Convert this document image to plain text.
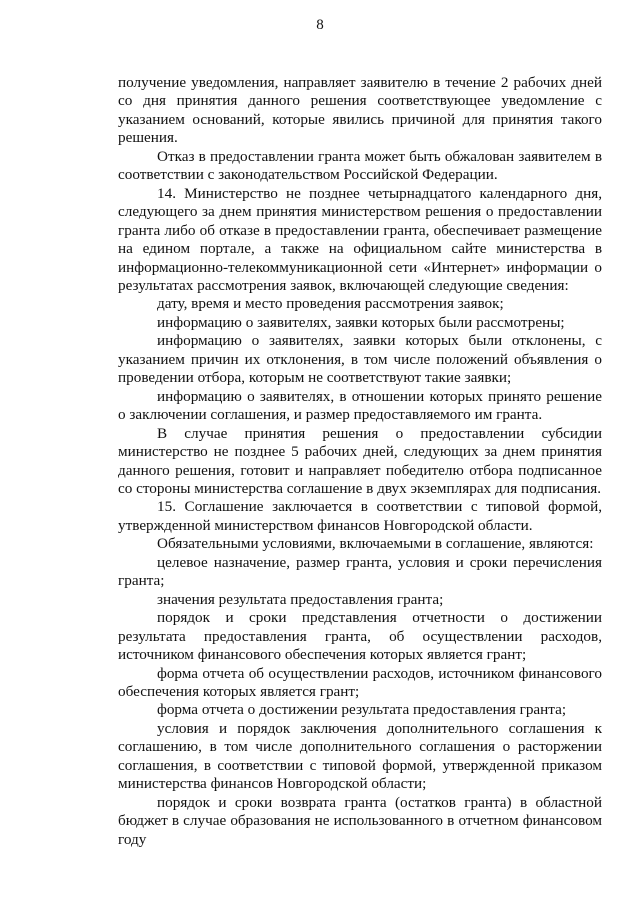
8

получение уведомления, направляет заявителю в течение 2 рабочих дней со дня принятия данного решения соответствующее уведомление с указанием оснований, которые явились причиной для принятия такого решения.

Отказ в предоставлении гранта может быть обжалован заявителем в соответствии с законодательством Российской Федерации.

14. Министерство не позднее четырнадцатого календарного дня, следующего за днем принятия министерством решения о предоставлении гранта либо об отказе в предоставлении гранта, обеспечивает размещение на едином портале, а также на официальном сайте министерства в информационно-телекоммуникационной сети «Интернет» информации о результатах рассмотрения заявок, включающей следующие сведения:

дату, время и место проведения рассмотрения заявок;

информацию о заявителях, заявки которых были рассмотрены;

информацию о заявителях, заявки которых были отклонены, с указанием причин их отклонения, в том числе положений объявления о проведении отбора, которым не соответствуют такие заявки;

информацию о заявителях, в отношении которых принято решение о заключении соглашения, и размер предоставляемого им гранта.

В случае принятия решения о предоставлении субсидии министерство не позднее 5 рабочих дней, следующих за днем принятия данного решения, готовит и направляет победителю отбора подписанное со стороны министерства соглашение в двух экземплярах для подписания.

15. Соглашение заключается в соответствии с типовой формой, утвержденной министерством финансов Новгородской области.

Обязательными условиями, включаемыми в соглашение, являются:

целевое назначение, размер гранта, условия и сроки перечисления гранта;

значения результата предоставления гранта;

порядок и сроки представления отчетности о достижении результата предоставления гранта, об осуществлении расходов, источником финансового обеспечения которых является грант;

форма отчета об осуществлении расходов, источником финансового обеспечения которых является грант;

форма отчета о достижении результата предоставления гранта;

условия и порядок заключения дополнительного соглашения к соглашению, в том числе дополнительного соглашения о расторжении соглашения, в соответствии с типовой формой, утвержденной приказом министерства финансов Новгородской области;

порядок и сроки возврата гранта (остатков гранта) в областной бюджет в случае образования не использованного в отчетном финансовом году
